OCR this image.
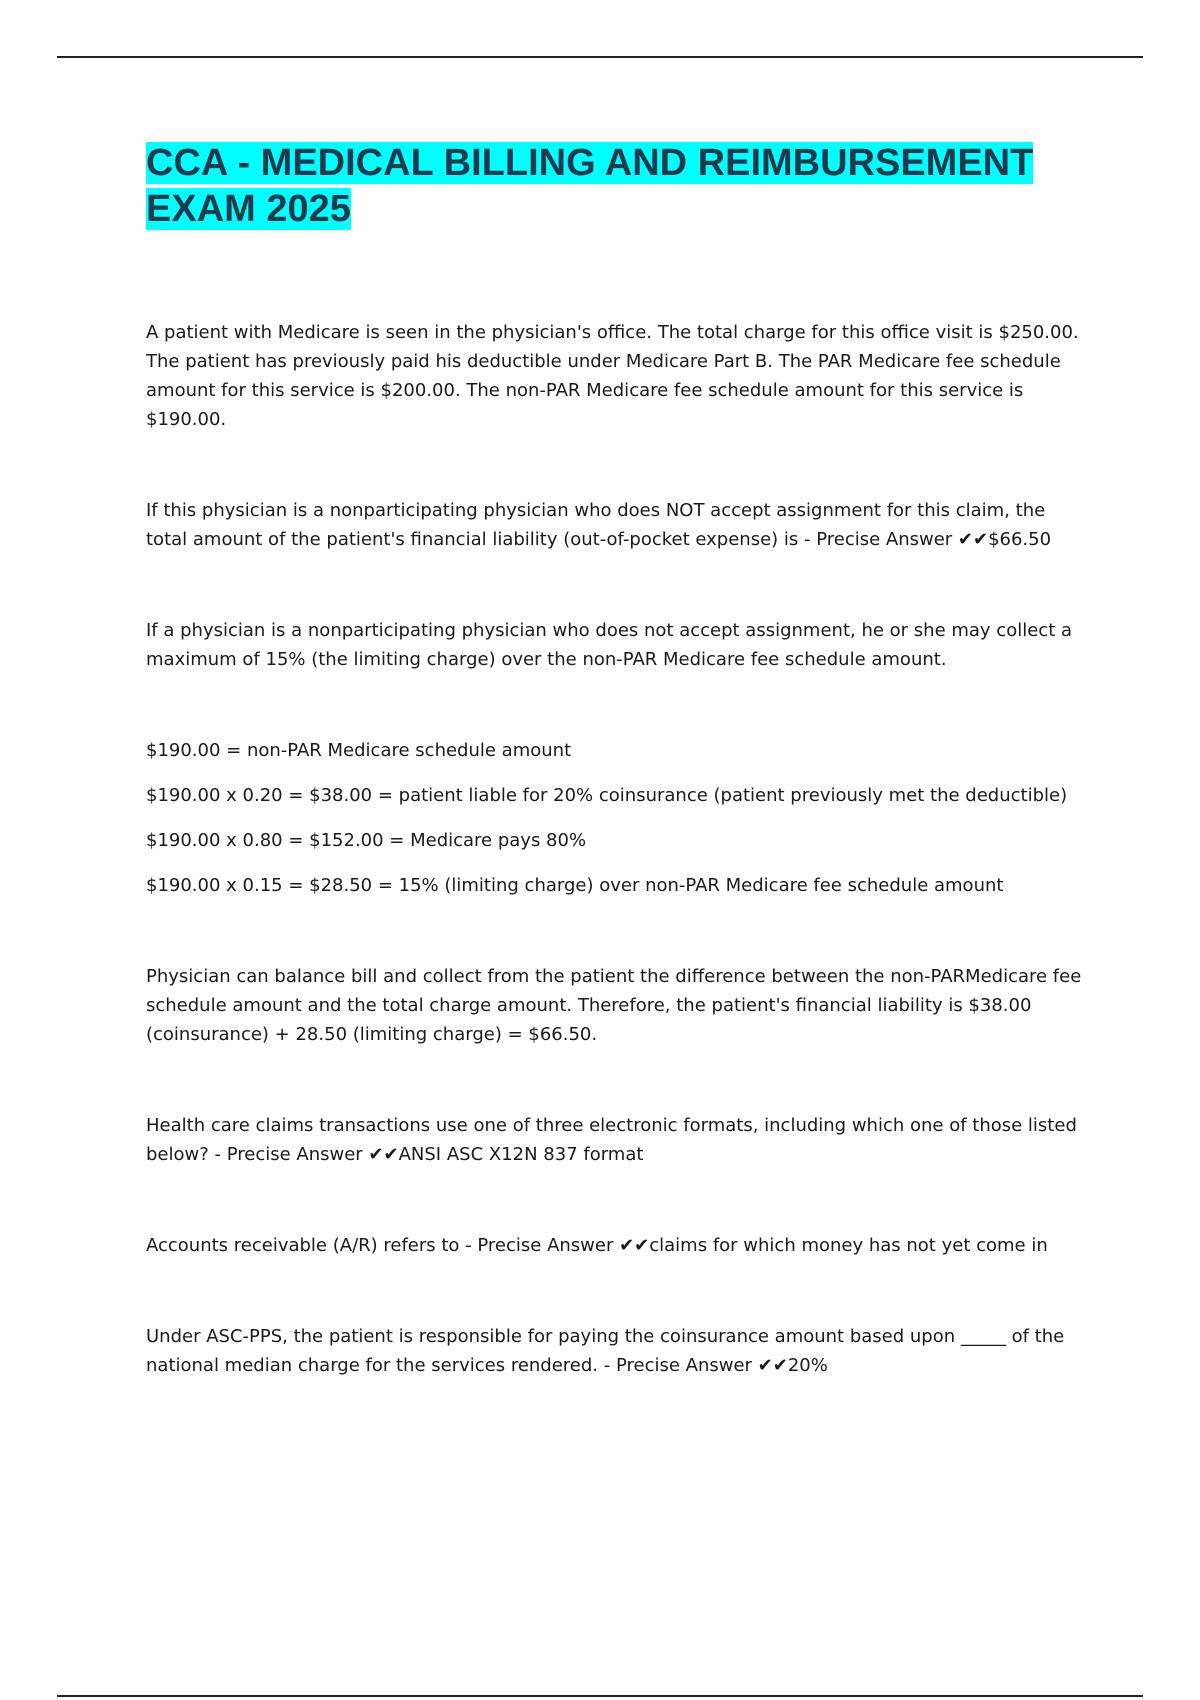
CCA - MEDICAL BILLING AND REIMBURSEMENT EXAM 2025

A patient with Medicare is seen in the physician's office. The total charge for this office visit is $250.00. The patient has previously paid his deductible under Medicare Part B. The PAR Medicare fee schedule amount for this service is $200.00. The non-PAR Medicare fee schedule amount for this service is $190.00.

If this physician is a nonparticipating physician who does NOT accept assignment for this claim, the total amount of the patient's financial liability (out-of-pocket expense) is - Precise Answer ✔✔$66.50

If a physician is a nonparticipating physician who does not accept assignment, he or she may collect a maximum of 15% (the limiting charge) over the non-PAR Medicare fee schedule amount.

$190.00 = non-PAR Medicare schedule amount

$190.00 x 0.20 = $38.00 = patient liable for 20% coinsurance (patient previously met the deductible)

$190.00 x 0.80 = $152.00 = Medicare pays 80%

$190.00 x 0.15 = $28.50 = 15% (limiting charge) over non-PAR Medicare fee schedule amount

Physician can balance bill and collect from the patient the difference between the non-PARMedicare fee schedule amount and the total charge amount. Therefore, the patient's financial liability is $38.00 (coinsurance) + 28.50 (limiting charge) = $66.50.

Health care claims transactions use one of three electronic formats, including which one of those listed below? - Precise Answer ✔✔ANSI ASC X12N 837 format

Accounts receivable (A/R) refers to - Precise Answer ✔✔claims for which money has not yet come in

Under ASC-PPS, the patient is responsible for paying the coinsurance amount based upon _____ of the national median charge for the services rendered. - Precise Answer ✔✔20%
